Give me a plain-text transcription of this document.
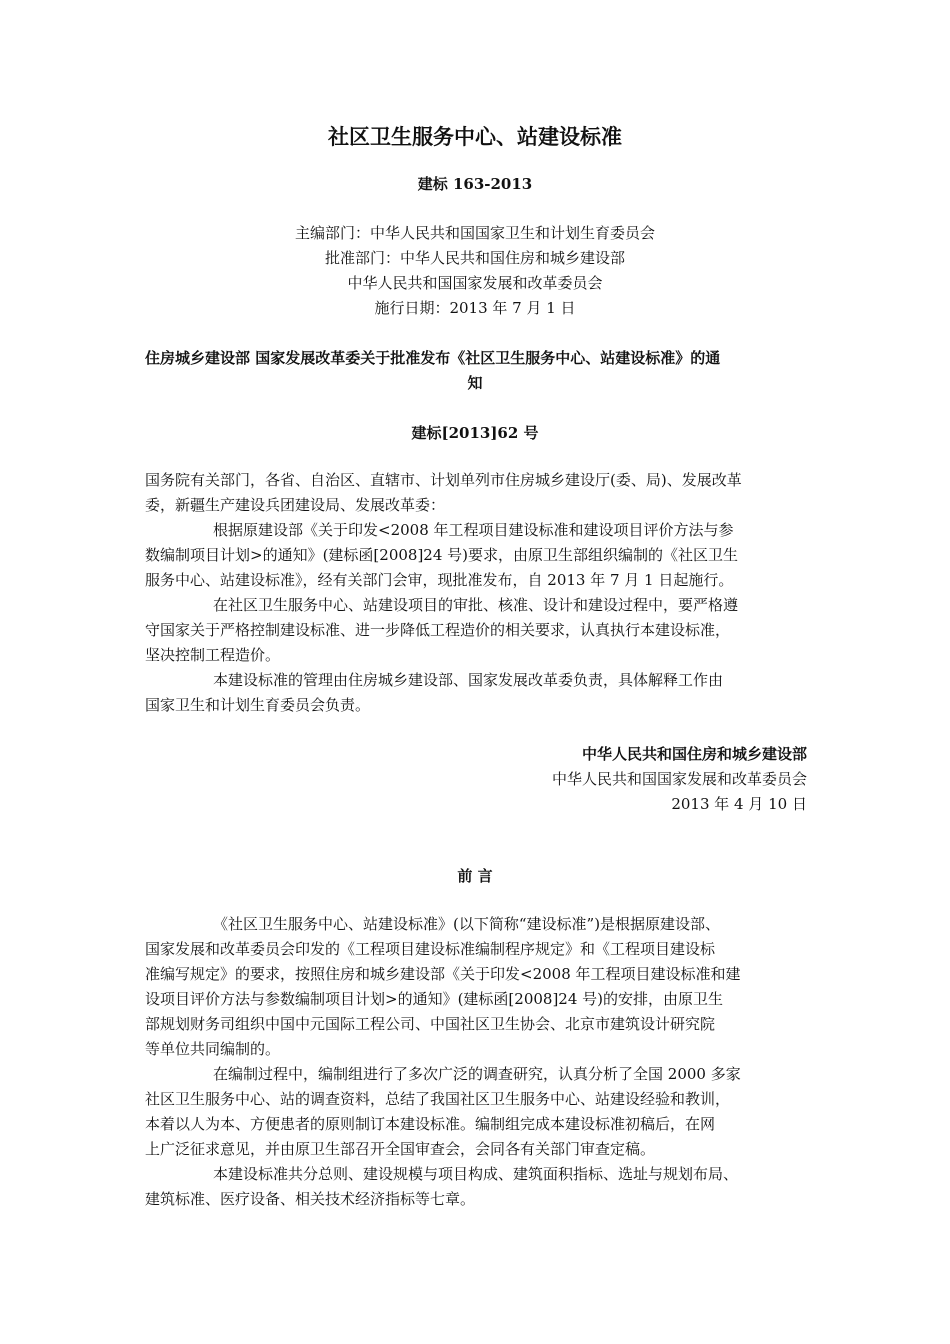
社区卫生服务中心、站建设标准
建标 163-2013
主编部门：中华人民共和国国家卫生和计划生育委员会
批准部门：中华人民共和国住房和城乡建设部
中华人民共和国国家发展和改革委员会
施行日期：2013 年 7 月 1 日
住房城乡建设部 国家发展改革委关于批准发布《社区卫生服务中心、站建设标准》的通
知
建标[2013]62 号
国务院有关部门，各省、自治区、直辖市、计划单列市住房城乡建设厅(委、局)、发展改革
委，新疆生产建设兵团建设局、发展改革委：
根据原建设部《关于印发<2008 年工程项目建设标准和建设项目评价方法与参
数编制项目计划>的通知》(建标函[2008]24 号)要求，由原卫生部组织编制的《社区卫生
服务中心、站建设标准》，经有关部门会审，现批准发布，自 2013 年 7 月 1 日起施行。
在社区卫生服务中心、站建设项目的审批、核准、设计和建设过程中，要严格遵
守国家关于严格控制建设标准、进一步降低工程造价的相关要求，认真执行本建设标准，
坚决控制工程造价。
本建设标准的管理由住房城乡建设部、国家发展改革委负责，具体解释工作由
国家卫生和计划生育委员会负责。
中华人民共和国住房和城乡建设部
中华人民共和国国家发展和改革委员会
2013 年 4 月 10 日
前 言
《社区卫生服务中心、站建设标准》(以下简称“建设标准”)是根据原建设部、
国家发展和改革委员会印发的《工程项目建设标准编制程序规定》和《工程项目建设标
准编写规定》的要求，按照住房和城乡建设部《关于印发<2008 年工程项目建设标准和建
设项目评价方法与参数编制项目计划>的通知》(建标函[2008]24 号)的安排，由原卫生
部规划财务司组织中国中元国际工程公司、中国社区卫生协会、北京市建筑设计研究院
等单位共同编制的。
在编制过程中，编制组进行了多次广泛的调查研究，认真分析了全国 2000 多家
社区卫生服务中心、站的调查资料，总结了我国社区卫生服务中心、站建设经验和教训，
本着以人为本、方便患者的原则制订本建设标准。编制组完成本建设标准初稿后，在网
上广泛征求意见，并由原卫生部召开全国审查会，会同各有关部门审查定稿。
本建设标准共分总则、建设规模与项目构成、建筑面积指标、选址与规划布局、
建筑标准、医疗设备、相关技术经济指标等七章。
